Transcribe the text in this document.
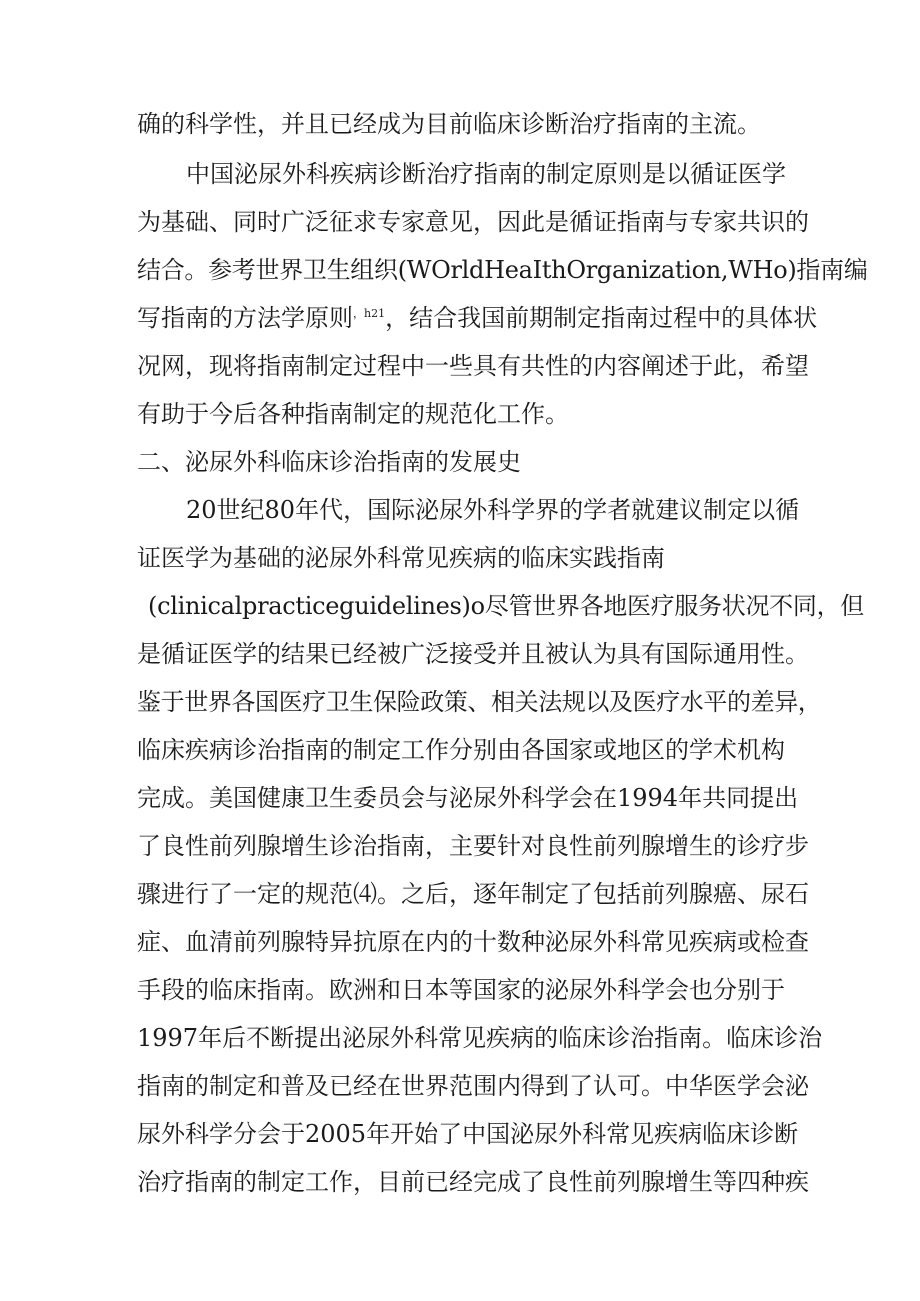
确的科学性，并且已经成为目前临床诊断治疗指南的主流。

中国泌尿外科疾病诊断治疗指南的制定原则是以循证医学

为基础、同时广泛征求专家意见，因此是循证指南与专家共识的

结合。参考世界卫生组织(WOrldHeaIthOrganization,WHo)指南编

写指南的方法学原则$^{,h21}$，结合我国前期制定指南过程中的具体状

况网，现将指南制定过程中一些具有共性的内容阐述于此，希望

有助于今后各种指南制定的规范化工作。

二、泌尿外科临床诊治指南的发展史

20世纪80年代，国际泌尿外科学界的学者就建议制定以循

证医学为基础的泌尿外科常见疾病的临床实践指南

(clinicalpracticeguidelines)o尽管世界各地医疗服务状况不同，但

是循证医学的结果已经被广泛接受并且被认为具有国际通用性。

鉴于世界各国医疗卫生保险政策、相关法规以及医疗水平的差异，

临床疾病诊治指南的制定工作分别由各国家或地区的学术机构

完成。美国健康卫生委员会与泌尿外科学会在1994年共同提出

了良性前列腺增生诊治指南，主要针对良性前列腺增生的诊疗步

骤进行了一定的规范⑷。之后，逐年制定了包括前列腺癌、尿石

症、血清前列腺特异抗原在内的十数种泌尿外科常见疾病或检查

手段的临床指南。欧洲和日本等国家的泌尿外科学会也分别于

1997年后不断提出泌尿外科常见疾病的临床诊治指南。临床诊治

指南的制定和普及已经在世界范围内得到了认可。中华医学会泌

尿外科学分会于2005年开始了中国泌尿外科常见疾病临床诊断

治疗指南的制定工作，目前已经完成了良性前列腺增生等四种疾
